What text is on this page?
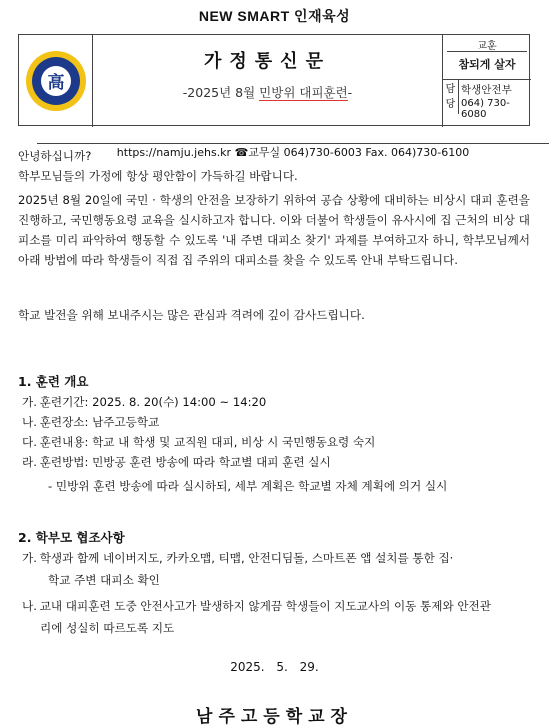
NEW SMART 인재육성
高
가정통신문
-2025년 8월 민방위 대피훈련-
교훈
참되게 살자
담당
학생안전부
064) 730-6080
https://namju.jehs.kr ☎교무실 064)730-6003 Fax. 064)730-6100
안녕하십니까?
학부모님들의 가정에 항상 평안함이 가득하길 바랍니다.
2025년 8월 20일에 국민 · 학생의 안전을 보장하기 위하여 공습 상황에 대비하는 비상시 대피 훈련을 진행하고, 국민행동요령 교육을 실시하고자 합니다. 이와 더불어 학생들이 유사시에 집 근처의 비상 대피소를 미리 파악하여 행동할 수 있도록 '내 주변 대피소 찾기' 과제를 부여하고자 하니, 학부모님께서 아래 방법에 따라 학생들이 직접 집 주위의 대피소를 찾을 수 있도록 안내 부탁드립니다.
학교 발전을 위해 보내주시는 많은 관심과 격려에 깊이 감사드립니다.
1. 훈련 개요
가. 훈련기간: 2025. 8. 20(수) 14:00 ~ 14:20
나. 훈련장소: 남주고등학교
다. 훈련내용: 학교 내 학생 및 교직원 대피, 비상 시 국민행동요령 숙지
라. 훈련방법: 민방공 훈련 방송에 따라 학교별 대피 훈련 실시
- 민방위 훈련 방송에 따라 실시하되, 세부 계획은 학교별 자체 계획에 의거 실시
2. 학부모 협조사항
가. 학생과 함께 네이버지도, 카카오맵, 티맵, 안전디딤돌, 스마트폰 앱 설치를 통한 집·
학교 주변 대피소 확인
나. 교내 대피훈련 도중 안전사고가 발생하지 않게끔 학생들이 지도교사의 이동 통제와 안전관
리에 성실히 따르도록 지도
2025. 5. 29.
남주고등학교장
